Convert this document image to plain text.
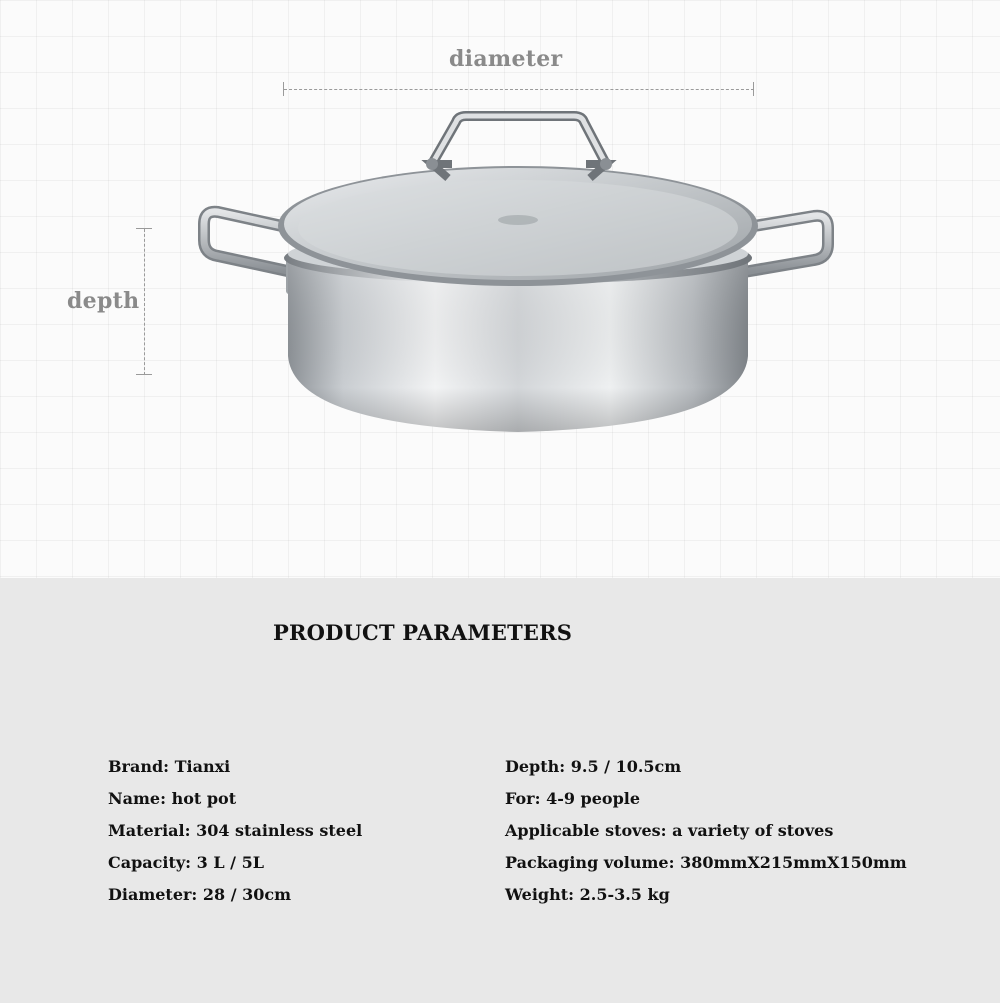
diameter
depth
PRODUCT PARAMETERS
Brand: Tianxi
Name: hot pot
Material: 304 stainless steel
Capacity: 3 L / 5L
Diameter: 28 / 30cm
Depth: 9.5 / 10.5cm
For: 4-9 people
Applicable stoves: a variety of stoves
Packaging volume: 380mmX215mmX150mm
Weight: 2.5-3.5 kg
